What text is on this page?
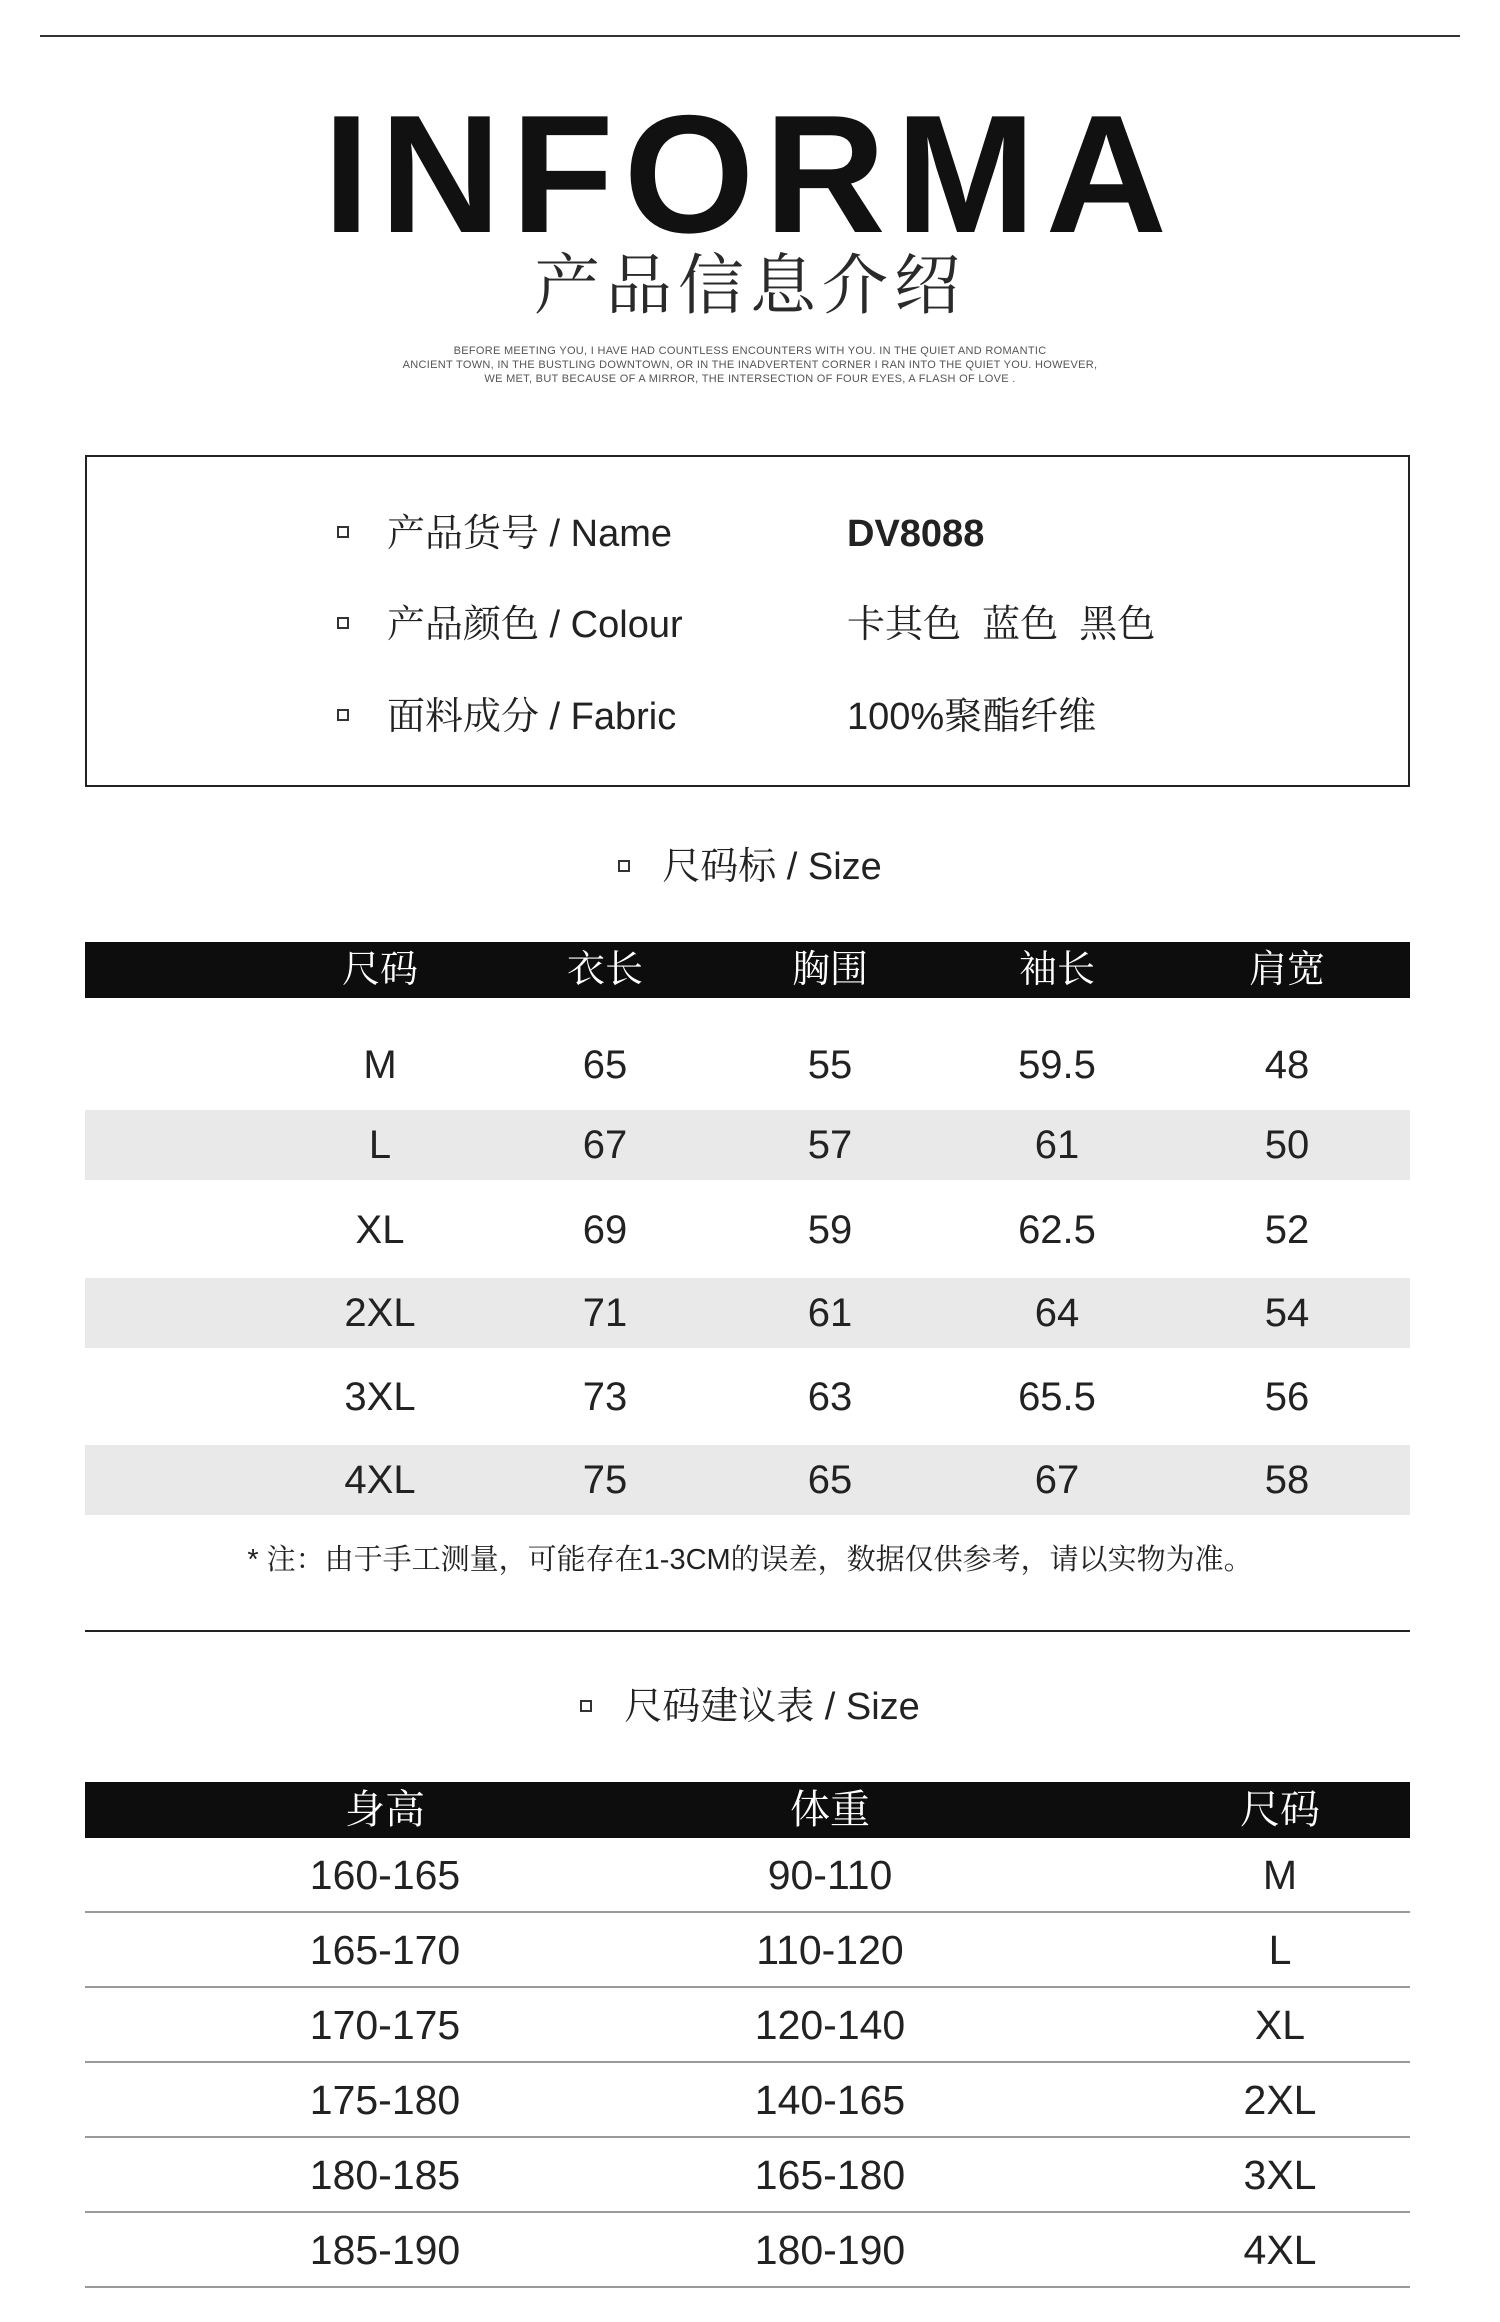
INFORMA
产品信息介绍
BEFORE MEETING YOU, I HAVE HAD COUNTLESS ENCOUNTERS WITH YOU. IN THE QUIET AND ROMANTIC
ANCIENT TOWN, IN THE BUSTLING DOWNTOWN, OR IN THE INADVERTENT CORNER I RAN INTO THE QUIET YOU. HOWEVER,
WE MET, BUT BECAUSE OF A MIRROR, THE INTERSECTION OF FOUR EYES, A FLASH OF LOVE .
产品货号 / Name	DV8088
产品颜色 / Colour	卡其色  蓝色  黑色
面料成分 / Fabric	100%聚酯纤维
尺码标 / Size
尺码	衣长	胸围	袖长	肩宽
M	65	55	59.5	48
L	67	57	61	50
XL	69	59	62.5	52
2XL	71	61	64	54
3XL	73	63	65.5	56
4XL	75	65	67	58
* 注：由于手工测量，可能存在1-3CM的误差，数据仅供参考，请以实物为准。
尺码建议表 / Size
身高	体重	尺码
160-165	90-110	M
165-170	110-120	L
170-175	120-140	XL
175-180	140-165	2XL
180-185	165-180	3XL
185-190	180-190	4XL
